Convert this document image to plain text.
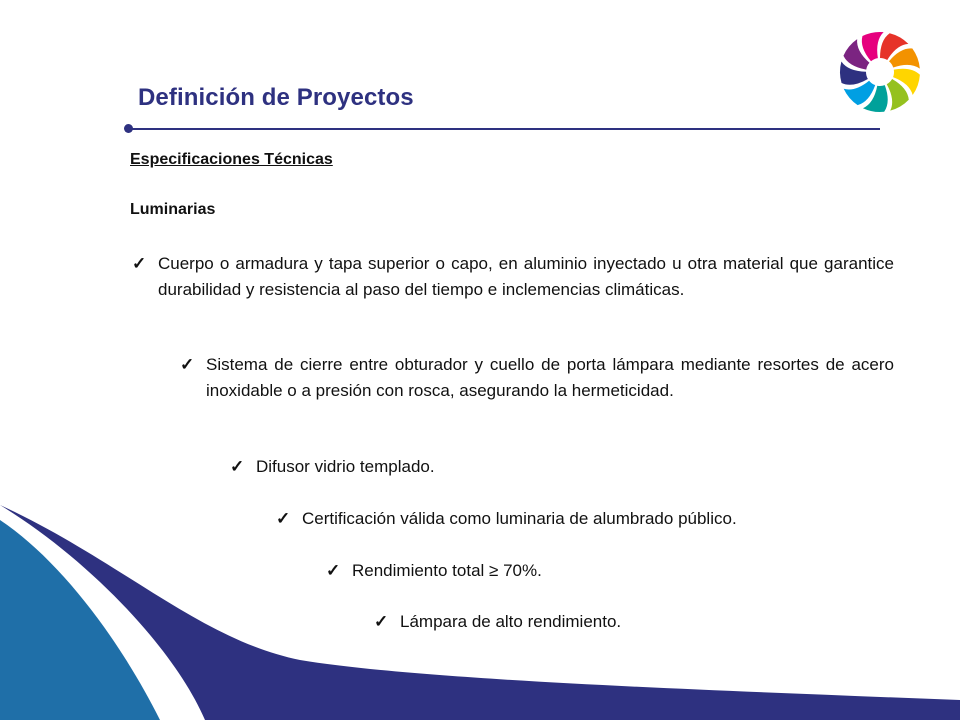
Definición de Proyectos
Especificaciones Técnicas
Luminarias
✓ Cuerpo o armadura y tapa superior o capo, en aluminio inyectado u otra material que garantice durabilidad y resistencia al paso del tiempo e inclemencias climáticas.
✓ Sistema de cierre entre obturador y cuello de porta lámpara mediante resortes de acero inoxidable o a presión con rosca, asegurando la hermeticidad.
✓ Difusor vidrio templado.
✓ Certificación válida como luminaria de alumbrado público.
✓ Rendimiento total ≥ 70%.
✓ Lámpara de alto rendimiento.
